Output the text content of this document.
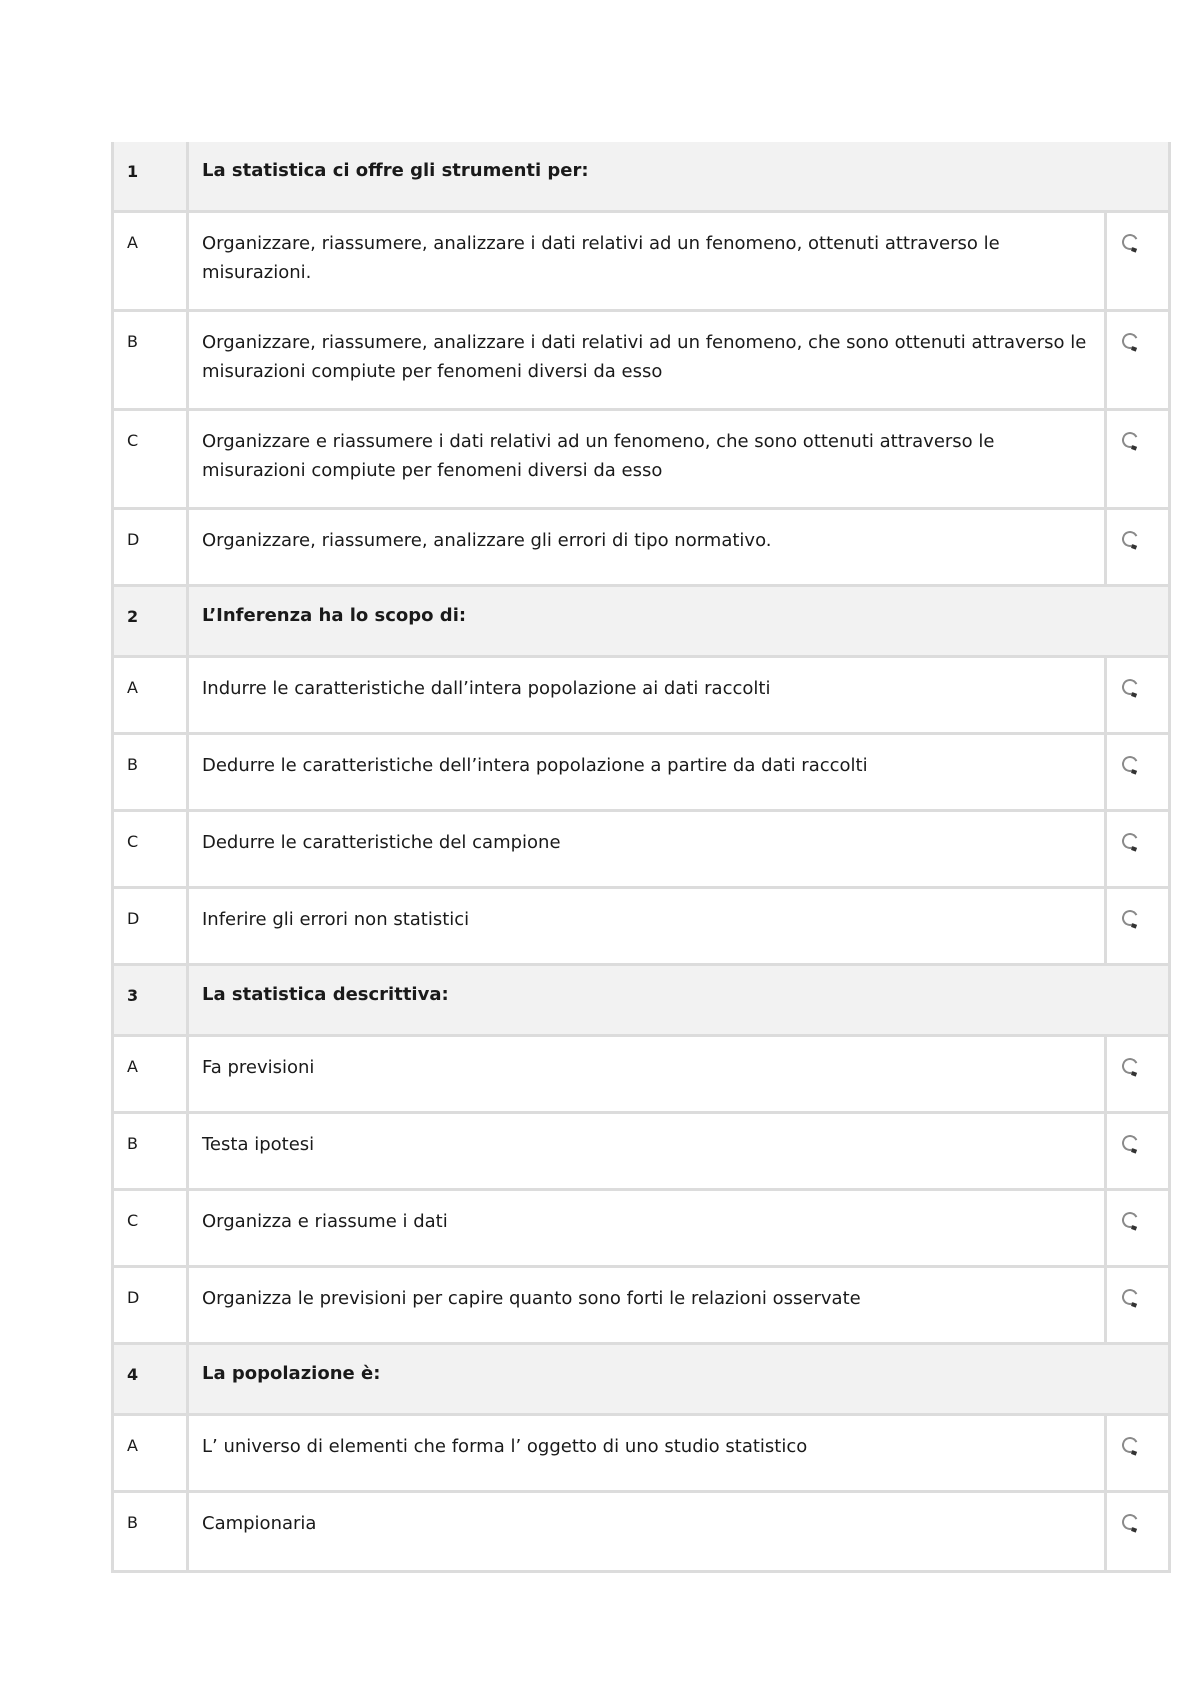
1	La statistica ci offre gli strumenti per:
A	Organizzare, riassumere, analizzare i dati relativi ad un fenomeno, ottenuti attraverso le misurazioni.
B	Organizzare, riassumere, analizzare i dati relativi ad un fenomeno, che sono ottenuti attraverso le misurazioni compiute per fenomeni diversi da esso
C	Organizzare e riassumere i dati relativi ad un fenomeno, che sono ottenuti attraverso le misurazioni compiute per fenomeni diversi da esso
D	Organizzare, riassumere, analizzare gli errori di tipo normativo.
2	L’Inferenza ha lo scopo di:
A	Indurre le caratteristiche dall’intera popolazione ai dati raccolti
B	Dedurre le caratteristiche dell’intera popolazione a partire da dati raccolti
C	Dedurre le caratteristiche del campione
D	Inferire gli errori non statistici
3	La statistica descrittiva:
A	Fa previsioni
B	Testa ipotesi
C	Organizza e riassume i dati
D	Organizza le previsioni per capire quanto sono forti le relazioni osservate
4	La popolazione è:
A	L’ universo di elementi che forma l’ oggetto di uno studio statistico
B	Campionaria
